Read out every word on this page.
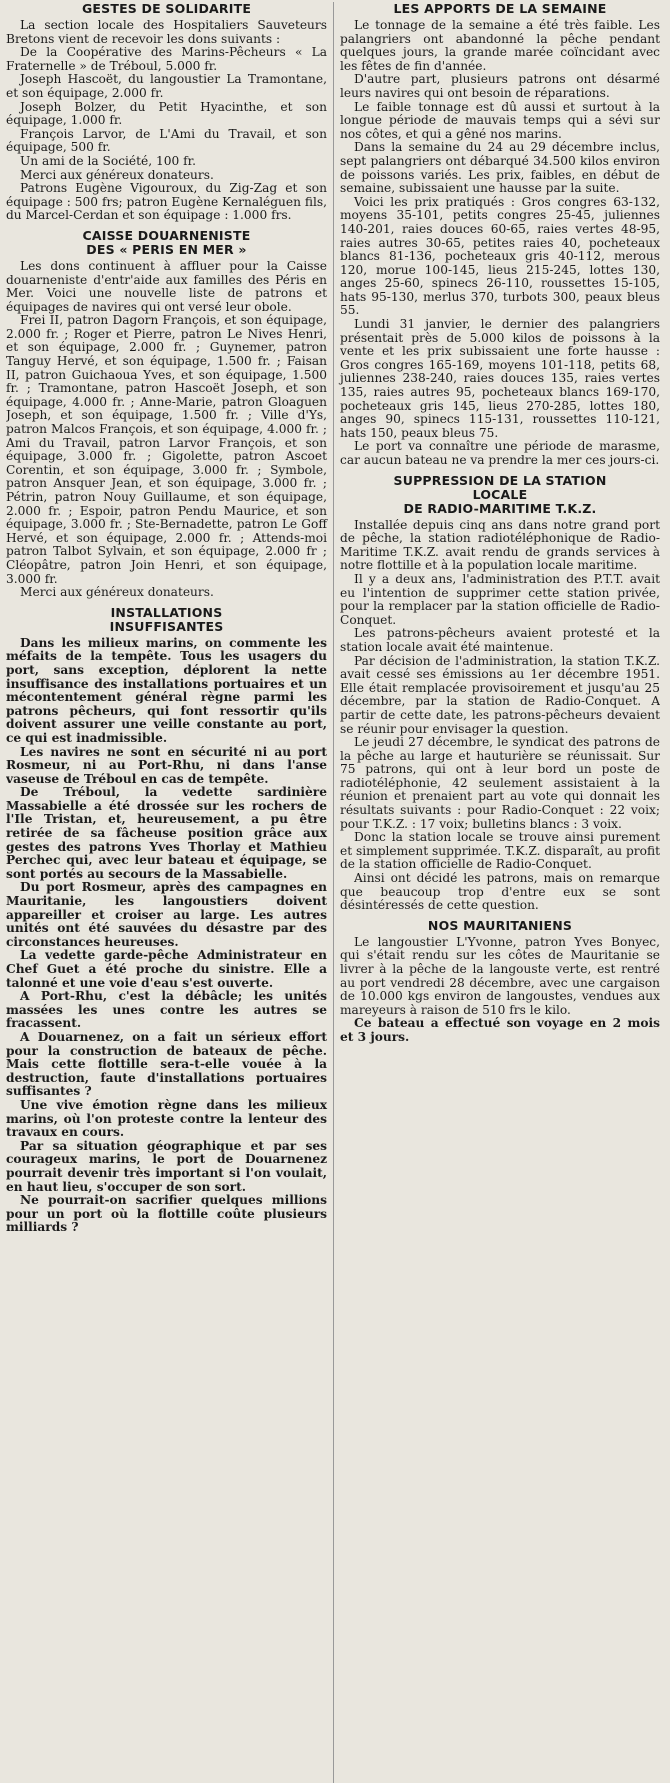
GESTES DE SOLIDARITE

La section locale des Hospitaliers Sauveteurs Bretons vient de recevoir les dons suivants :

De la Coopérative des Marins-Pêcheurs « La Fraternelle » de Tréboul, 5.000 fr.

Joseph Hascoët, du langoustier La Tramontane, et son équipage, 2.000 fr.

Joseph Bolzer, du Petit Hyacinthe, et son équipage, 1.000 fr.

François Larvor, de L'Ami du Travail, et son équipage, 500 fr.

Un ami de la Société, 100 fr.

Merci aux généreux donateurs.

Patrons Eugène Vigouroux, du Zig-Zag et son équipage : 500 frs; patron Eugène Kernaléguen fils, du Marcel-Cerdan et son équipage : 1.000 frs.

CAISSE DOUARNENISTE
DES « PERIS EN MER »

Les dons continuent à affluer pour la Caisse douarneniste d'entr'aide aux familles des Péris en Mer. Voici une nouvelle liste de patrons et équipages de navires qui ont versé leur obole.

Frei II, patron Dagorn François, et son équipage, 2.000 fr. ; Roger et Pierre, patron Le Nives Henri, et son équipage, 2.000 fr. ; Guynemer, patron Tanguy Hervé, et son équipage, 1.500 fr. ; Faisan II, patron Guichaoua Yves, et son équipage, 1.500 fr. ; Tramontane, patron Hascoët Joseph, et son équipage, 4.000 fr. ; Anne-Marie, patron Gloaguen Joseph, et son équipage, 1.500 fr. ; Ville d'Ys, patron Malcos François, et son équipage, 4.000 fr. ; Ami du Travail, patron Larvor François, et son équipage, 3.000 fr. ; Gigolette, patron Ascoet Corentin, et son équipage, 3.000 fr. ; Symbole, patron Ansquer Jean, et son équipage, 3.000 fr. ; Pétrin, patron Nouy Guillaume, et son équipage, 2.000 fr. ; Espoir, patron Pendu Maurice, et son équipage, 3.000 fr. ; Ste-Bernadette, patron Le Goff Hervé, et son équipage, 2.000 fr. ; Attends-moi patron Talbot Sylvain, et son équipage, 2.000 fr ; Cléopâtre, patron Join Henri, et son équipage, 3.000 fr.

Merci aux généreux donateurs.

INSTALLATIONS
INSUFFISANTES

Dans les milieux marins, on commente les méfaits de la tempête. Tous les usagers du port, sans exception, déplorent la nette insuffisance des installations portuaires et un mécontentement général règne parmi les patrons pêcheurs, qui font ressortir qu'ils doivent assurer une veille constante au port, ce qui est inadmissible.

Les navires ne sont en sécurité ni au port Rosmeur, ni au Port-Rhu, ni dans l'anse vaseuse de Tréboul en cas de tempête.

De Tréboul, la vedette sardinière Massabielle a été drossée sur les rochers de l'Ile Tristan, et, heureusement, a pu être retirée de sa fâcheuse position grâce aux gestes des patrons Yves Thorlay et Mathieu Perchec qui, avec leur bateau et équipage, se sont portés au secours de la Massabielle.

Du port Rosmeur, après des campagnes en Mauritanie, les langoustiers doivent appareiller et croiser au large. Les autres unités ont été sauvées du désastre par des circonstances heureuses.

La vedette garde-pêche Administrateur en Chef Guet a été proche du sinistre. Elle a talonné et une voie d'eau s'est ouverte.

A Port-Rhu, c'est la débâcle; les unités massées les unes contre les autres se fracassent.

A Douarnenez, on a fait un sérieux effort pour la construction de bateaux de pêche. Mais cette flottille sera-t-elle vouée à la destruction, faute d'installations portuaires suffisantes ?

Une vive émotion règne dans les milieux marins, où l'on proteste contre la lenteur des travaux en cours.

Par sa situation géographique et par ses courageux marins, le port de Douarnenez pourrait devenir très important si l'on voulait, en haut lieu, s'occuper de son sort.

Ne pourrait-on sacrifier quelques millions pour un port où la flottille coûte plusieurs milliards ?

LES APPORTS DE LA SEMAINE

Le tonnage de la semaine a été très faible. Les palangriers ont abandonné la pêche pendant quelques jours, la grande marée coïncidant avec les fêtes de fin d'année.

D'autre part, plusieurs patrons ont désarmé leurs navires qui ont besoin de réparations.

Le faible tonnage est dû aussi et surtout à la longue période de mauvais temps qui a sévi sur nos côtes, et qui a gêné nos marins.

Dans la semaine du 24 au 29 décembre inclus, sept palangriers ont débarqué 34.500 kilos environ de poissons variés. Les prix, faibles, en début de semaine, subissaient une hausse par la suite.

Voici les prix pratiqués : Gros congres 63-132, moyens 35-101, petits congres 25-45, juliennes 140-201, raies douces 60-65, raies vertes 48-95, raies autres 30-65, petites raies 40, pocheteaux blancs 81-136, pocheteaux gris 40-112, merous 120, morue 100-145, lieus 215-245, lottes 130, anges 25-60, spinecs 26-110, roussettes 15-105, hats 95-130, merlus 370, turbots 300, peaux bleus 55.

Lundi 31 janvier, le dernier des palangriers présentait près de 5.000 kilos de poissons à la vente et les prix subissaient une forte hausse : Gros congres 165-169, moyens 101-118, petits 68, juliennes 238-240, raies douces 135, raies vertes 135, raies autres 95, pocheteaux blancs 169-170, pocheteaux gris 145, lieus 270-285, lottes 180, anges 90, spinecs 115-131, roussettes 110-121, hats 150, peaux bleus 75.

Le port va connaître une période de marasme, car aucun bateau ne va prendre la mer ces jours-ci.

SUPPRESSION DE LA STATION
LOCALE
DE RADIO-MARITIME T.K.Z.

Installée depuis cinq ans dans notre grand port de pêche, la station radiotéléphonique de Radio-Maritime T.K.Z. avait rendu de grands services à notre flottille et à la population locale maritime.

Il y a deux ans, l'administration des P.T.T. avait eu l'intention de supprimer cette station privée, pour la remplacer par la station officielle de Radio-Conquet.

Les patrons-pêcheurs avaient protesté et la station locale avait été maintenue.

Par décision de l'administration, la station T.K.Z. avait cessé ses émissions au 1er décembre 1951. Elle était remplacée provisoirement et jusqu'au 25 décembre, par la station de Radio-Conquet. A partir de cette date, les patrons-pêcheurs devaient se réunir pour envisager la question.

Le jeudi 27 décembre, le syndicat des patrons de la pêche au large et hauturière se réunissait. Sur 75 patrons, qui ont à leur bord un poste de radiotéléphonie, 42 seulement assistaient à la réunion et prenaient part au vote qui donnait les résultats suivants : pour Radio-Conquet : 22 voix; pour T.K.Z. : 17 voix; bulletins blancs : 3 voix.

Donc la station locale se trouve ainsi purement et simplement supprimée. T.K.Z. disparaît, au profit de la station officielle de Radio-Conquet.

Ainsi ont décidé les patrons, mais on remarque que beaucoup trop d'entre eux se sont désintéressés de cette question.

NOS MAURITANIENS

Le langoustier L'Yvonne, patron Yves Bonyec, qui s'était rendu sur les côtes de Mauritanie se livrer à la pêche de la langouste verte, est rentré au port vendredi 28 décembre, avec une cargaison de 10.000 kgs environ de langoustes, vendues aux mareyeurs à raison de 510 frs le kilo.

Ce bateau a effectué son voyage en 2 mois et 3 jours.
